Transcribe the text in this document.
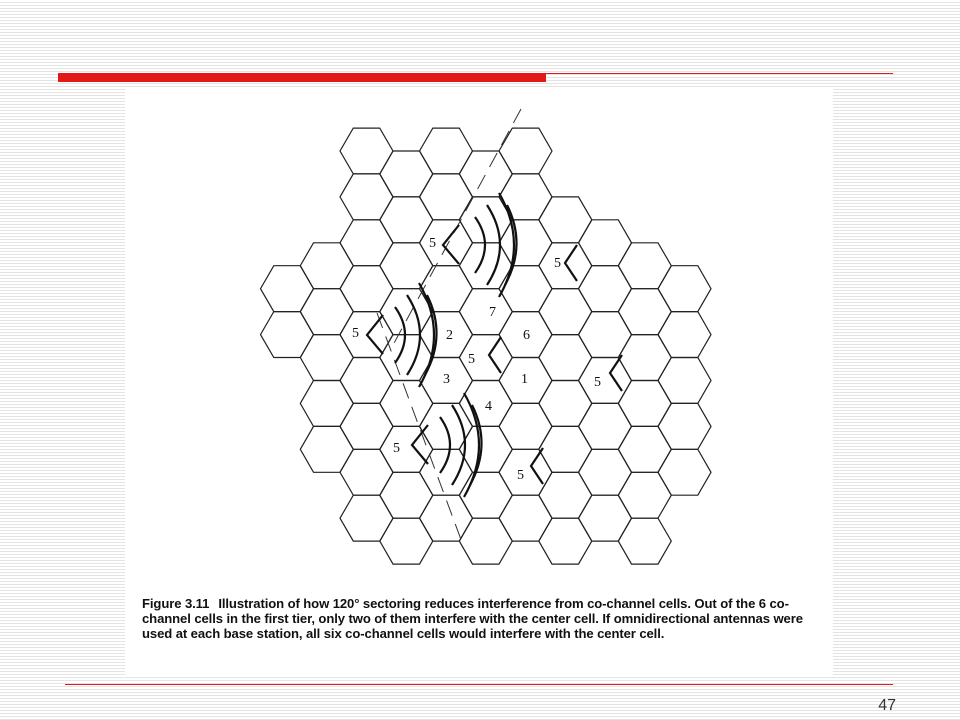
5
5
5
5
5
5
5
1
2
3
4
6
7
Figure 3.11 Illustration of how 120° sectoring reduces interference from co-channel cells. Out of the 6 co-channel cells in the first tier, only two of them interfere with the center cell. If omnidirectional antennas were used at each base station, all six co-channel cells would interfere with the center cell.
47
